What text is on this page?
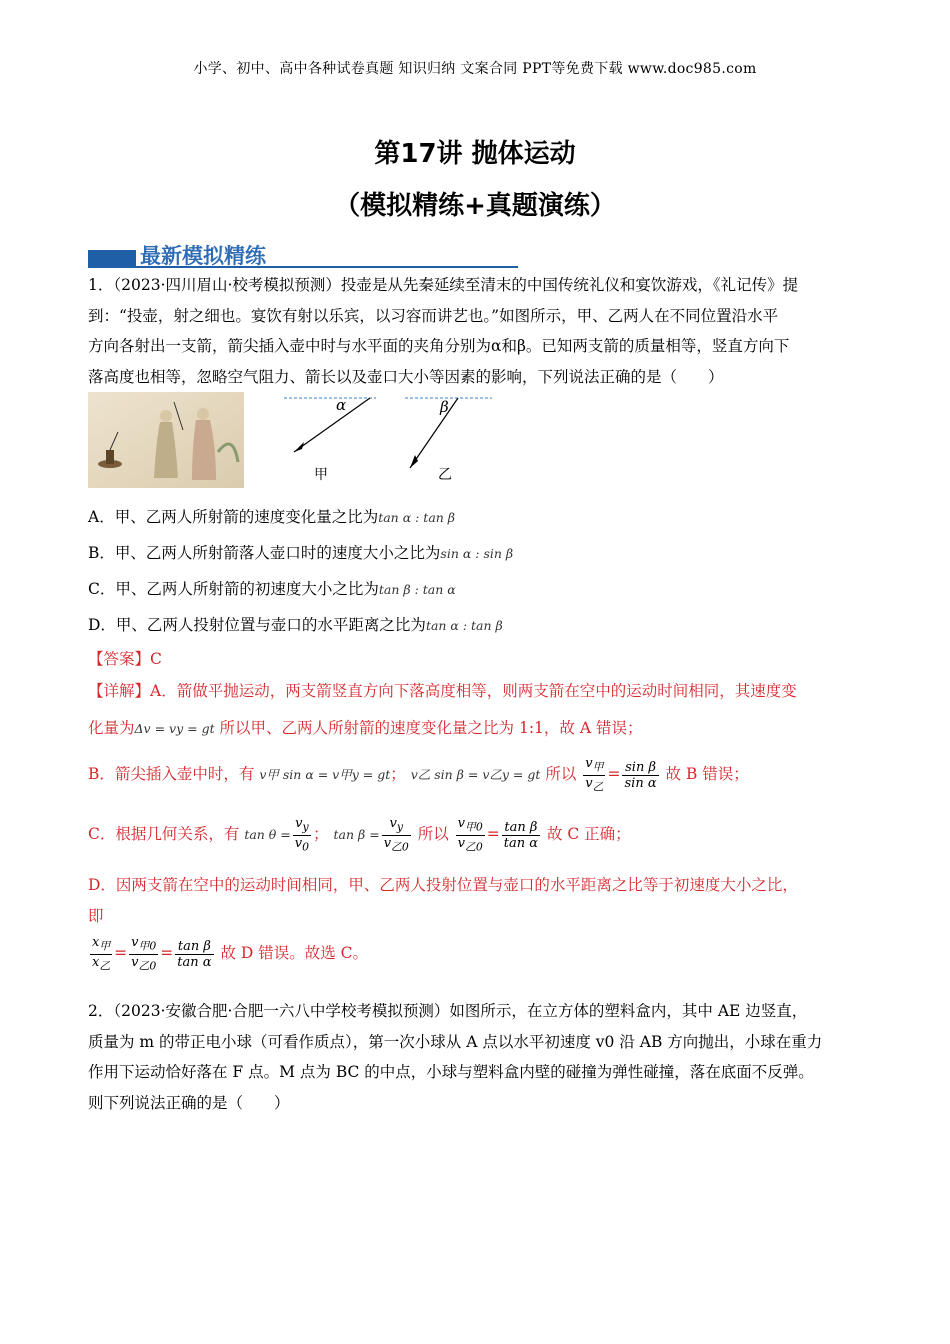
小学、初中、高中各种试卷真题 知识归纳 文案合同 PPT等免费下载 www.doc985.com
第17讲 抛体运动
（模拟精练+真题演练）
最新模拟精练
1．（2023·四川眉山·校考模拟预测）投壶是从先秦延续至清末的中国传统礼仪和宴饮游戏，《礼记传》提
到：“投壶，射之细也。宴饮有射以乐宾，以习容而讲艺也。”如图所示，甲、乙两人在不同位置沿水平
方向各射出一支箭，箭尖插入壶中时与水平面的夹角分别为α和β。已知两支箭的质量相等，竖直方向下
落高度也相等，忽略空气阻力、箭长以及壶口大小等因素的影响，下列说法正确的是（　　）
α	β
甲	乙
A．甲、乙两人所射箭的速度变化量之比为tan α : tan β
B．甲、乙两人所射箭落人壶口时的速度大小之比为sin α : sin β
C．甲、乙两人所射箭的初速度大小之比为tan β : tan α
D．甲、乙两人投射位置与壶口的水平距离之比为tan α : tan β
【答案】C
【详解】A．箭做平抛运动，两支箭竖直方向下落高度相等，则两支箭在空中的运动时间相同，其速度变
化量为Δv = vy = gt 所以甲、乙两人所射箭的速度变化量之比为 1:1，故 A 错误；
B．箭尖插入壶中时，有 v甲 sin α = v甲y = gt； v乙 sin β = v乙y = gt 所以 $\frac{v_甲}{v_乙} = \frac{\text{sin β}}{\text{sin α}}$ 故 B 错误；
C．根据几何关系，有 $\tan \theta = \frac{v_y}{v_0}$ ； $\tan \beta = \frac{v_y}{v_{乙0}}$ 所以 $\frac{v_{甲0}}{v_{乙0}} = \frac{\text{tan β}}{\text{tan α}}$ 故 C 正确；
D．因两支箭在空中的运动时间相同，甲、乙两人投射位置与壶口的水平距离之比等于初速度大小之比，
即
$\frac{x_甲}{x_乙} = \frac{v_{甲0}}{v_{乙0}} = \frac{\text{tan β}}{\text{tan α}}$ 故 D 错误。故选 C。
2．（2023·安徽合肥·合肥一六八中学校考模拟预测）如图所示，在立方体的塑料盒内，其中 AE 边竖直，
质量为 m 的带正电小球（可看作质点），第一次小球从 A 点以水平初速度 v0 沿 AB 方向抛出，小球在重力
作用下运动恰好落在 F 点。M 点为 BC 的中点，小球与塑料盒内壁的碰撞为弹性碰撞，落在底面不反弹。
则下列说法正确的是（　　）
